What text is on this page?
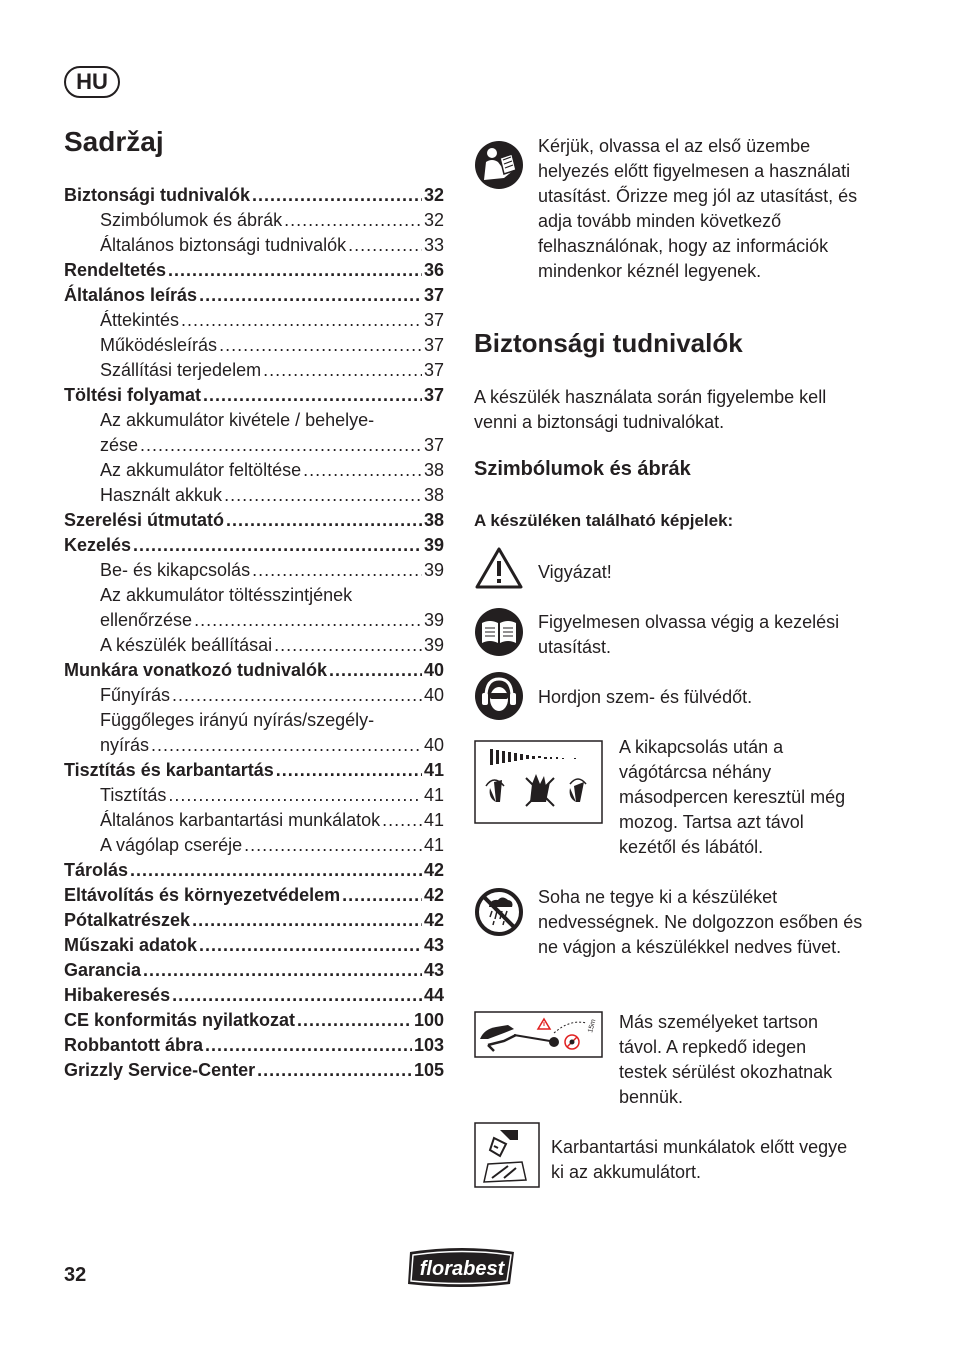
HU
Sadržaj
Biztonsági tudnivalók .....	32
Szimbólumok és ábrák .....	32
Általános biztonsági tudnivalók .....	33
Rendeltetés .....	36
Általános leírás .....	37
Áttekintés .....	37
Működésleírás .....	37
Szállítási terjedelem .....	37
Töltési folyamat .....	37
Az akkumulátor kivétele / behelye-
zése .....	37
Az akkumulátor feltöltése .....	38
Használt akkuk .....	38
Szerelési útmutató .....	38
Kezelés .....	39
Be- és kikapcsolás .....	39
Az akkumulátor töltésszintjének
ellenőrzése .....	39
A készülék beállításai .....	39
Munkára vonatkozó tudnivalók .....	40
Fűnyírás .....	40
Függőleges irányú nyírás/szegély-
nyírás .....	40
Tisztítás és karbantartás .....	41
Tisztítás .....	41
Általános karbantartási munkálatok ..... 41
A vágólap cseréje .....	41
Tárolás .....	42
Eltávolítás és környezetvédelem .....	42
Pótalkatrészek .....	42
Műszaki adatok .....	43
Garancia .....	43
Hibakeresés .....	44
CE konformitás nyilatkozat .....	100
Robbantott ábra .....	103
Grizzly Service-Center .....	105
Kérjük, olvassa el az első üzembe helyezés előtt figyelmesen a használati utasítást. Őrizze meg jól az utasítást, és adja tovább minden következő felhasználónak, hogy az információk mindenkor kéznél legyenek.
Biztonsági tudnivalók
A készülék használata során figyelembe kell venni a biztonsági tudnivalókat.
Szimbólumok és ábrák
A készüléken található képjelek:
Vigyázat!
Figyelmesen olvassa végig a kezelési utasítást.
Hordjon szem- és fülvédőt.
A kikapcsolás után a vágótárcsa néhány másodpercen keresztül még mozog. Tartsa azt távol kezétől és lábától.
Soha ne tegye ki a készüléket nedvességnek. Ne dolgozzon esőben és ne vágjon a készülékkel nedves füvet.
15m Más személyeket tartson távol. A repkedő idegen testek sérülést okozhatnak bennük.
Karbantartási munkálatok előtt vegye ki az akkumulátort.
32	florabest
